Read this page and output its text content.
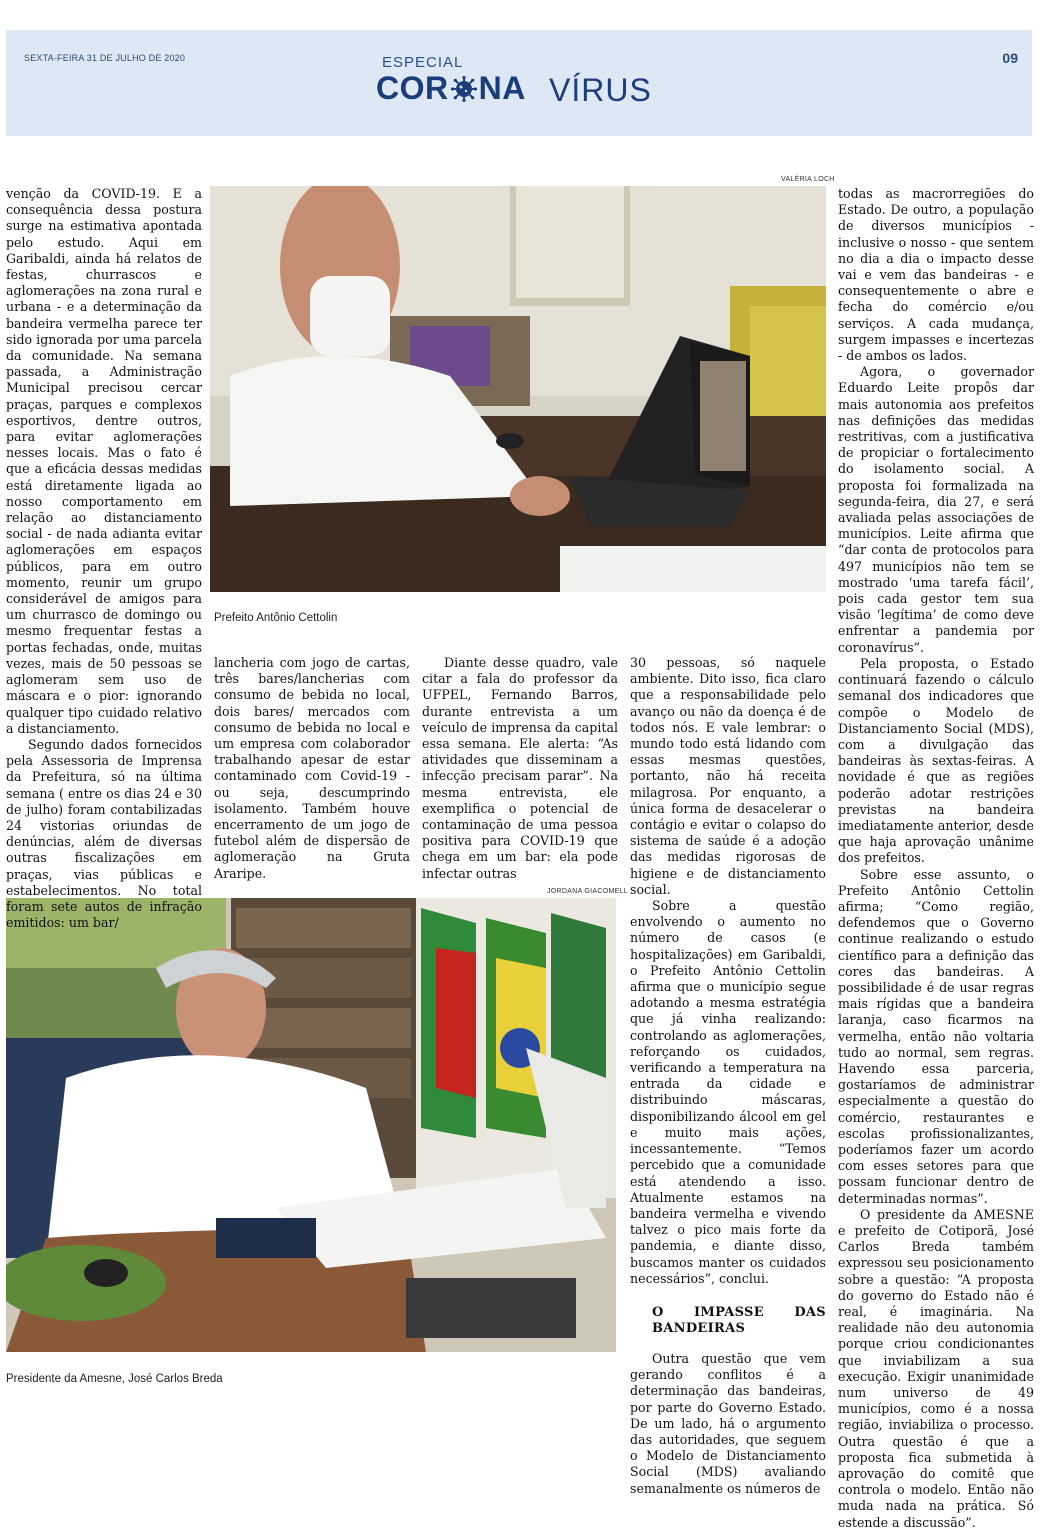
SEXTA-FEIRA 31 DE JULHO DE 2020	ESPECIAL
COR NA VÍRUS
09
VALÉRIA LOCH
Prefeito Antônio Cettolin
JORDANA GIACOMELL
Presidente da Amesne, José Carlos Breda

venção da COVID-19. E a consequência dessa postura surge na estimativa apontada pelo estudo. Aqui em Garibaldi, ainda há relatos de festas, churrascos e aglomerações na zona rural e urbana - e a determinação da bandeira vermelha parece ter sido ignorada por uma parcela da comunidade. Na semana passada, a Administração Municipal precisou cercar praças, parques e complexos esportivos, dentre outros, para evitar aglomerações nesses locais. Mas o fato é que a eficácia dessas medidas está diretamente ligada ao nosso comportamento em relação ao distanciamento social - de nada adianta evitar aglomerações em espaços públicos, para em outro momento, reunir um grupo considerável de amigos para um churrasco de domingo ou mesmo frequentar festas a portas fechadas, onde, muitas vezes, mais de 50 pessoas se aglomeram sem uso de máscara e o pior: ignorando qualquer tipo cuidado relativo a distanciamento.

Segundo dados fornecidos pela Assessoria de Imprensa da Prefeitura, só na última semana ( entre os dias 24 e 30 de julho) foram contabilizadas 24 vistorias oriundas de denúncias, além de diversas outras fiscalizações em praças, vias públicas e estabelecimentos. No total foram sete autos de infração emitidos: um bar/

lancheria com jogo de cartas, três bares/lancherias com consumo de bebida no local, dois bares/ mercados com consumo de bebida no local e um empresa com colaborador trabalhando apesar de estar contaminado com Covid-19 - ou seja, descumprindo isolamento. Também houve encerramento de um jogo de futebol além de dispersão de aglomeração na Gruta Araripe.

Diante desse quadro, vale citar a fala do professor da UFPEL, Fernando Barros, durante entrevista a um veículo de imprensa da capital essa semana. Ele alerta: “As atividades que disseminam a infecção precisam parar”. Na mesma entrevista, ele exemplifica o potencial de contaminação de uma pessoa positiva para COVID-19 que chega em um bar: ela pode infectar outras

30 pessoas, só naquele ambiente. Dito isso, fica claro que a responsabilidade pelo avanço ou não da doença é de todos nós. E vale lembrar: o mundo todo está lidando com essas mesmas questões, portanto, não há receita milagrosa. Por enquanto, a única forma de desacelerar o contágio e evitar o colapso do sistema de saúde é a adoção das medidas rigorosas de higiene e de distanciamento social.

Sobre a questão envolvendo o aumento no número de casos (e hospitalizações) em Garibaldi, o Prefeito Antônio Cettolin afirma que o município segue adotando a mesma estratégia que já vinha realizando: controlando as aglomerações, reforçando os cuidados, verificando a temperatura na entrada da cidade e distribuindo máscaras, disponibilizando álcool em gel e muito mais ações, incessantemente. “Temos percebido que a comunidade está atendendo a isso. Atualmente estamos na bandeira vermelha e vivendo talvez o pico mais forte da pandemia, e diante disso, buscamos manter os cuidados necessários”, conclui.

O IMPASSE DAS BANDEIRAS

Outra questão que vem gerando conflitos é a determinação das bandeiras, por parte do Governo Estado. De um lado, há o argumento das autoridades, que seguem o Modelo de Distanciamento Social (MDS) avaliando semanalmente os números de

todas as macrorregiões do Estado. De outro, a população de diversos municípios - inclusive o nosso - que sentem no dia a dia o impacto desse vai e vem das bandeiras - e consequentemente o abre e fecha do comércio e/ou serviços. A cada mudança, surgem impasses e incertezas - de ambos os lados.

Agora, o governador Eduardo Leite propôs dar mais autonomia aos prefeitos nas definições das medidas restritivas, com a justificativa de propiciar o fortalecimento do isolamento social. A proposta foi formalizada na segunda-feira, dia 27, e será avaliada pelas associações de municípios. Leite afirma que “dar conta de protocolos para 497 municípios não tem se mostrado ‘uma tarefa fácil’, pois cada gestor tem sua visão ‘legítima’ de como deve enfrentar a pandemia por coronavírus”.

Pela proposta, o Estado continuará fazendo o cálculo semanal dos indicadores que compõe o Modelo de Distanciamento Social (MDS), com a divulgação das bandeiras às sextas-feiras. A novidade é que as regiões poderão adotar restrições previstas na bandeira imediatamente anterior, desde que haja aprovação unânime dos prefeitos.

Sobre esse assunto, o Prefeito Antônio Cettolin afirma; “Como região, defendemos que o Governo continue realizando o estudo científico para a definição das cores das bandeiras. A possibilidade é de usar regras mais rígidas que a bandeira laranja, caso ficarmos na vermelha, então não voltaria tudo ao normal, sem regras. Havendo essa parceria, gostaríamos de administrar especialmente a questão do comércio, restaurantes e escolas profissionalizantes, poderíamos fazer um acordo com esses setores para que possam funcionar dentro de determinadas normas”.

O presidente da AMESNE e prefeito de Cotiporã, José Carlos Breda também expressou seu posicionamento sobre a questão: “A proposta do governo do Estado não é real, é imaginária. Na realidade não deu autonomia porque criou condicionantes que inviabilizam a sua execução. Exigir unanimidade num universo de 49 municípios, como é a nossa região, inviabiliza o processo. Outra questão é que a proposta fica submetida à aprovação do comitê que controla o modelo. Então não muda nada na prática. Só estende a discussão”.
